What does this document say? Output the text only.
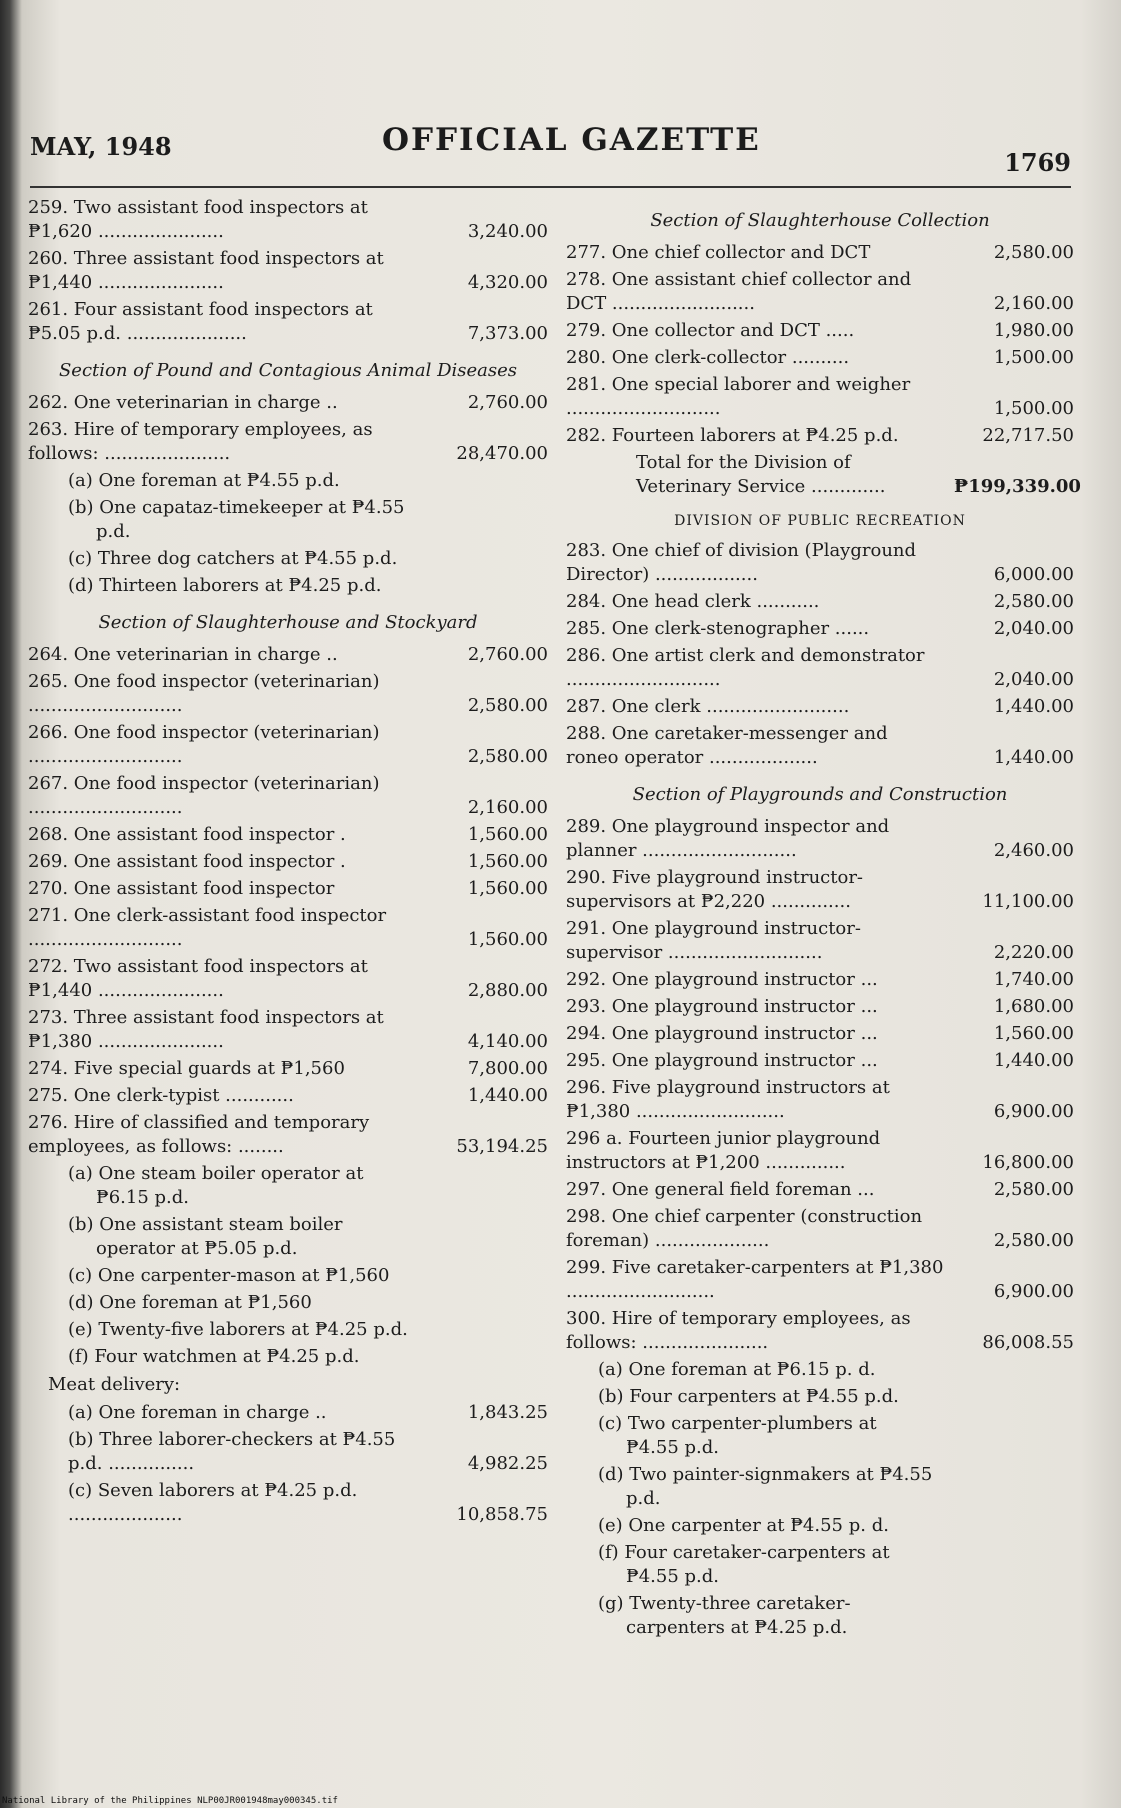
MAY, 1948	OFFICIAL GAZETTE
1769
259. Two assistant food inspectors at ₱1,620 ......................	3,240.00
260. Three assistant food inspectors at ₱1,440 ......................	4,320.00
261. Four assistant food inspectors at ₱5.05 p.d. .....................	7,373.00
Section of Pound and Contagious Animal Diseases
262. One veterinarian in charge ..	2,760.00
263. Hire of temporary employees, as follows: ......................	28,470.00
(a) One foreman at ₱4.55 p.d.
(b) One capataz-timekeeper at ₱4.55 p.d.
(c) Three dog catchers at ₱4.55 p.d.
(d) Thirteen laborers at ₱4.25 p.d.
Section of Slaughterhouse and Stockyard
264. One veterinarian in charge ..	2,760.00
265. One food inspector (veterinarian) ...........................	2,580.00
266. One food inspector (veterinarian) ...........................	2,580.00
267. One food inspector (veterinarian) ...........................	2,160.00
268. One assistant food inspector .	1,560.00
269. One assistant food inspector .	1,560.00
270. One assistant food inspector	1,560.00
271. One clerk-assistant food inspector ...........................	1,560.00
272. Two assistant food inspectors at ₱1,440 ......................	2,880.00
273. Three assistant food inspectors at ₱1,380 ......................	4,140.00
274. Five special guards at ₱1,560	7,800.00
275. One clerk-typist ............	1,440.00
276. Hire of classified and temporary employees, as follows: ........	53,194.25
(a) One steam boiler operator at ₱6.15 p.d.
(b) One assistant steam boiler operator at ₱5.05 p.d.
(c) One carpenter-mason at ₱1,560
(d) One foreman at ₱1,560
(e) Twenty-five laborers at ₱4.25 p.d.
(f) Four watchmen at ₱4.25 p.d.
Meat delivery:
(a) One foreman in charge ..	1,843.25
(b) Three laborer-checkers at ₱4.55 p.d. ...............	4,982.25
(c) Seven laborers at ₱4.25 p.d. ....................	10,858.75
Section of Slaughterhouse Collection
277. One chief collector and DCT	2,580.00
278. One assistant chief collector and DCT .........................	2,160.00
279. One collector and DCT .....	1,980.00
280. One clerk-collector ..........	1,500.00
281. One special laborer and weigher ...........................	1,500.00
282. Fourteen laborers at ₱4.25 p.d.	22,717.50
Total for the Division of Veterinary Service .............	₱199,339.00
DIVISION OF PUBLIC RECREATION
283. One chief of division (Playground Director) ..................	6,000.00
284. One head clerk ...........	2,580.00
285. One clerk-stenographer ......	2,040.00
286. One artist clerk and demonstrator ...........................	2,040.00
287. One clerk .........................	1,440.00
288. One caretaker-messenger and roneo operator ...................	1,440.00
Section of Playgrounds and Construction
289. One playground inspector and planner ...........................	2,460.00
290. Five playground instructor-supervisors at ₱2,220 ..............	11,100.00
291. One playground instructor-supervisor ...........................	2,220.00
292. One playground instructor ...	1,740.00
293. One playground instructor ...	1,680.00
294. One playground instructor ...	1,560.00
295. One playground instructor ...	1,440.00
296. Five playground instructors at ₱1,380 ..........................	6,900.00
296 a. Fourteen junior playground instructors at ₱1,200 ..............	16,800.00
297. One general field foreman ...	2,580.00
298. One chief carpenter (construction foreman) ....................	2,580.00
299. Five caretaker-carpenters at ₱1,380 ..........................	6,900.00
300. Hire of temporary employees, as follows: ......................	86,008.55
(a) One foreman at ₱6.15 p. d.
(b) Four carpenters at ₱4.55 p.d.
(c) Two carpenter-plumbers at ₱4.55 p.d.
(d) Two painter-signmakers at ₱4.55 p.d.
(e) One carpenter at ₱4.55 p. d.
(f) Four caretaker-carpenters at ₱4.55 p.d.
(g) Twenty-three caretaker-carpenters at ₱4.25 p.d.
National Library of the Philippines NLP00JR001948may000345.tif
